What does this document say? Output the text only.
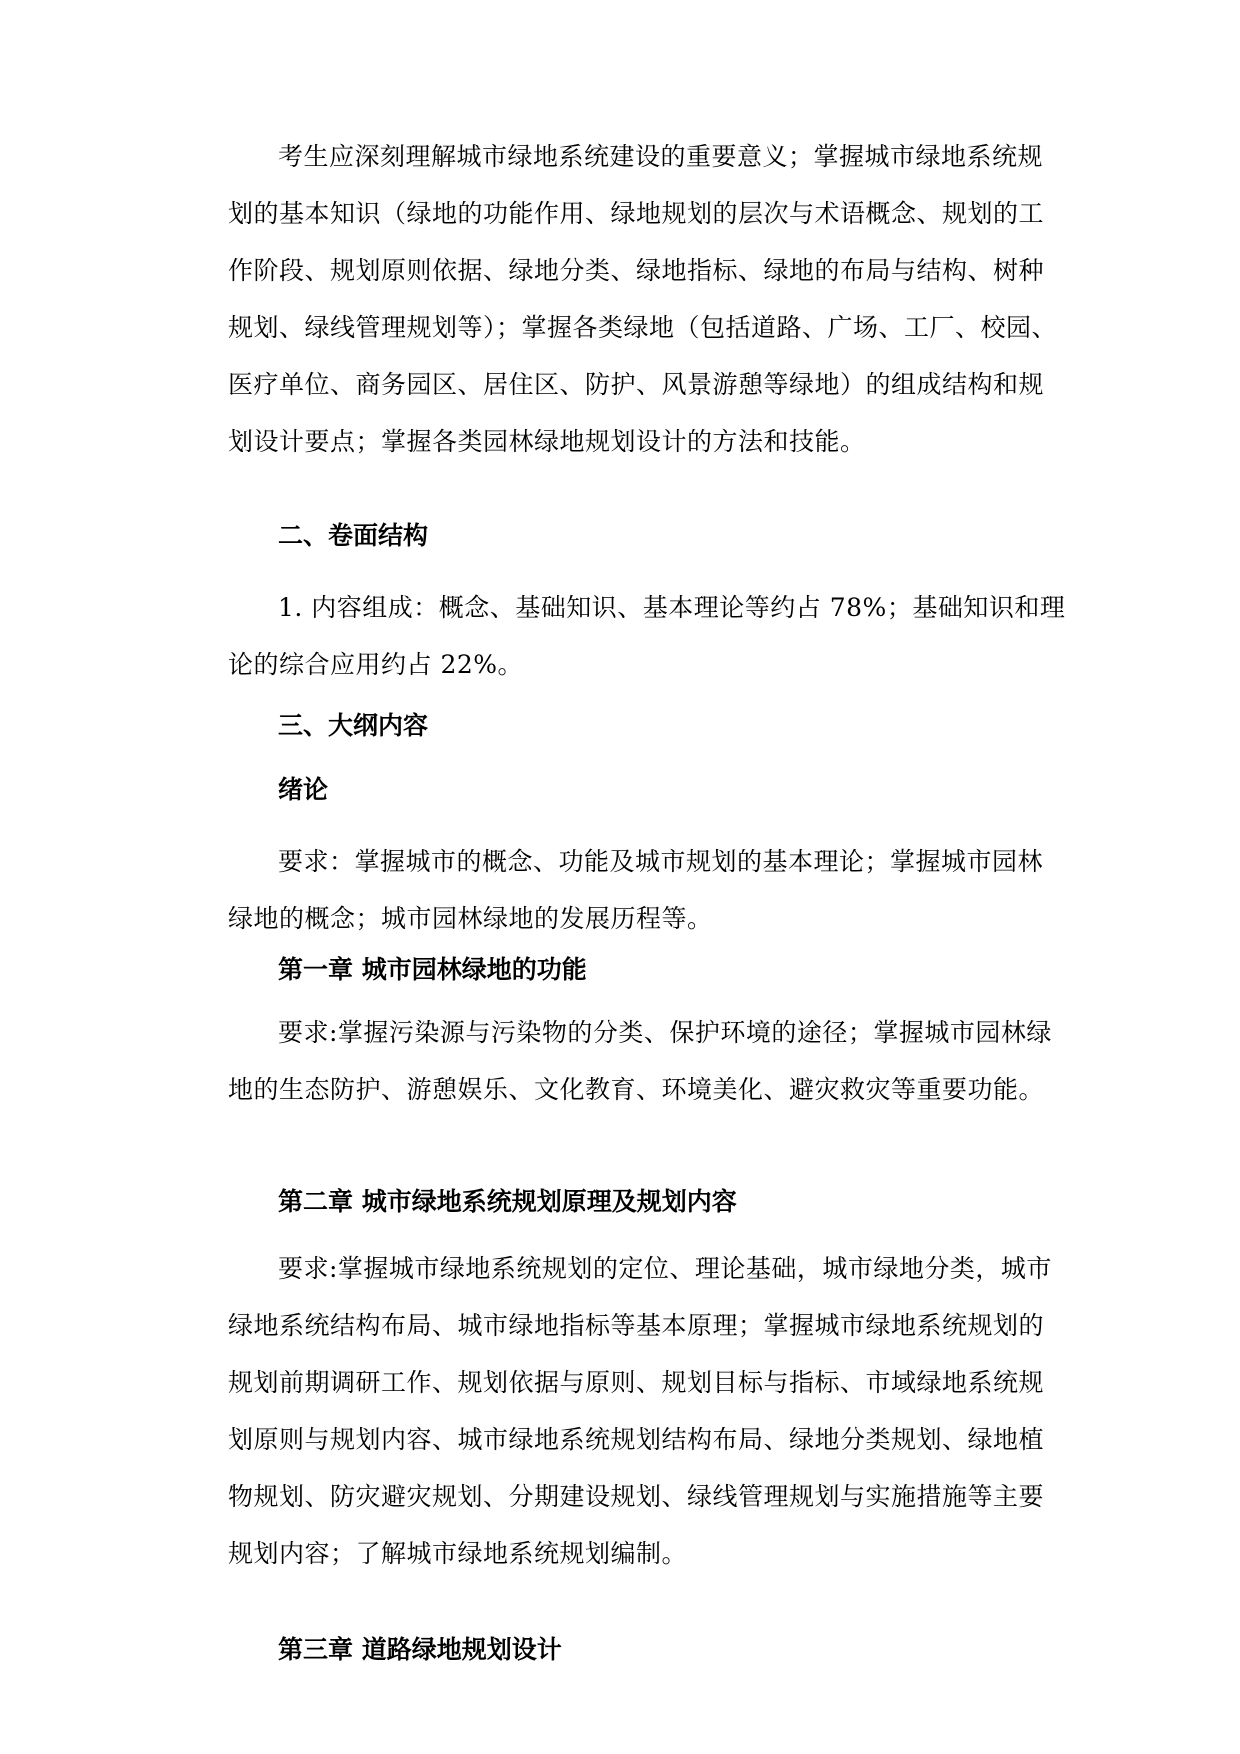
考生应深刻理解城市绿地系统建设的重要意义；掌握城市绿地系统规划的基本知识（绿地的功能作用、绿地规划的层次与术语概念、规划的工作阶段、规划原则依据、绿地分类、绿地指标、绿地的布局与结构、树种规划、绿线管理规划等）；掌握各类绿地（包括道路、广场、工厂、校园、医疗单位、商务园区、居住区、防护、风景游憩等绿地）的组成结构和规划设计要点；掌握各类园林绿地规划设计的方法和技能。

二、卷面结构

1. 内容组成：概念、基础知识、基本理论等约占 78%；基础知识和理论的综合应用约占 22%。

三、大纲内容

绪论

要求：掌握城市的概念、功能及城市规划的基本理论；掌握城市园林绿地的概念；城市园林绿地的发展历程等。

第一章 城市园林绿地的功能

要求:掌握污染源与污染物的分类、保护环境的途径；掌握城市园林绿地的生态防护、游憩娱乐、文化教育、环境美化、避灾救灾等重要功能。

第二章 城市绿地系统规划原理及规划内容

要求:掌握城市绿地系统规划的定位、理论基础，城市绿地分类，城市绿地系统结构布局、城市绿地指标等基本原理；掌握城市绿地系统规划的规划前期调研工作、规划依据与原则、规划目标与指标、市域绿地系统规划原则与规划内容、城市绿地系统规划结构布局、绿地分类规划、绿地植物规划、防灾避灾规划、分期建设规划、绿线管理规划与实施措施等主要规划内容；了解城市绿地系统规划编制。

第三章 道路绿地规划设计
